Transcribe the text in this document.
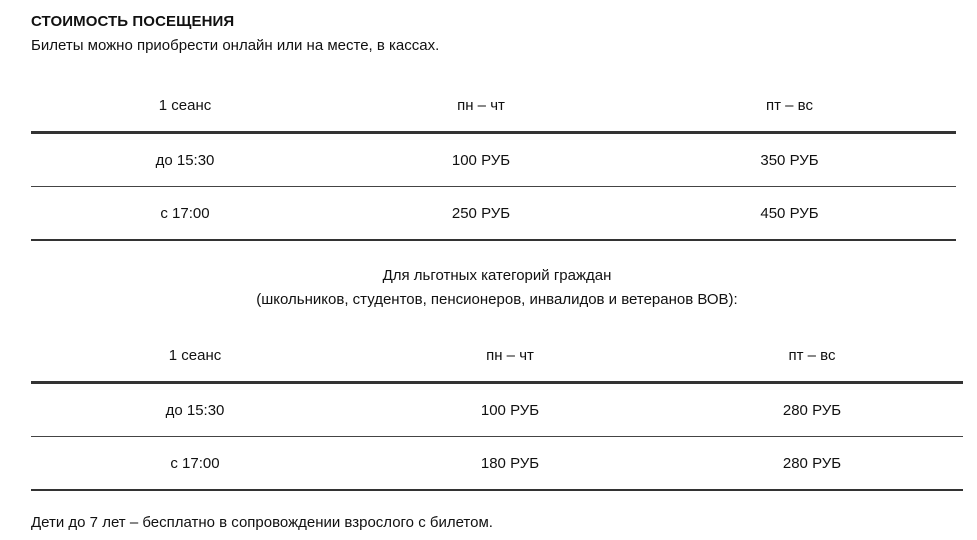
СТОИМОСТЬ ПОСЕЩЕНИЯ
Билеты можно приобрести онлайн или на месте, в кассах.
1 сеанс	пн – чт	пт – вс
до 15:30	100 РУБ	350 РУБ
с 17:00	250 РУБ	450 РУБ
Для льготных категорий граждан
(школьников, студентов, пенсионеров, инвалидов и ветеранов ВОВ):
1 сеанс	пн – чт	пт – вс
до 15:30	100 РУБ	280 РУБ
с 17:00	180 РУБ	280 РУБ
Дети до 7 лет – бесплатно в сопровождении взрослого с билетом.
